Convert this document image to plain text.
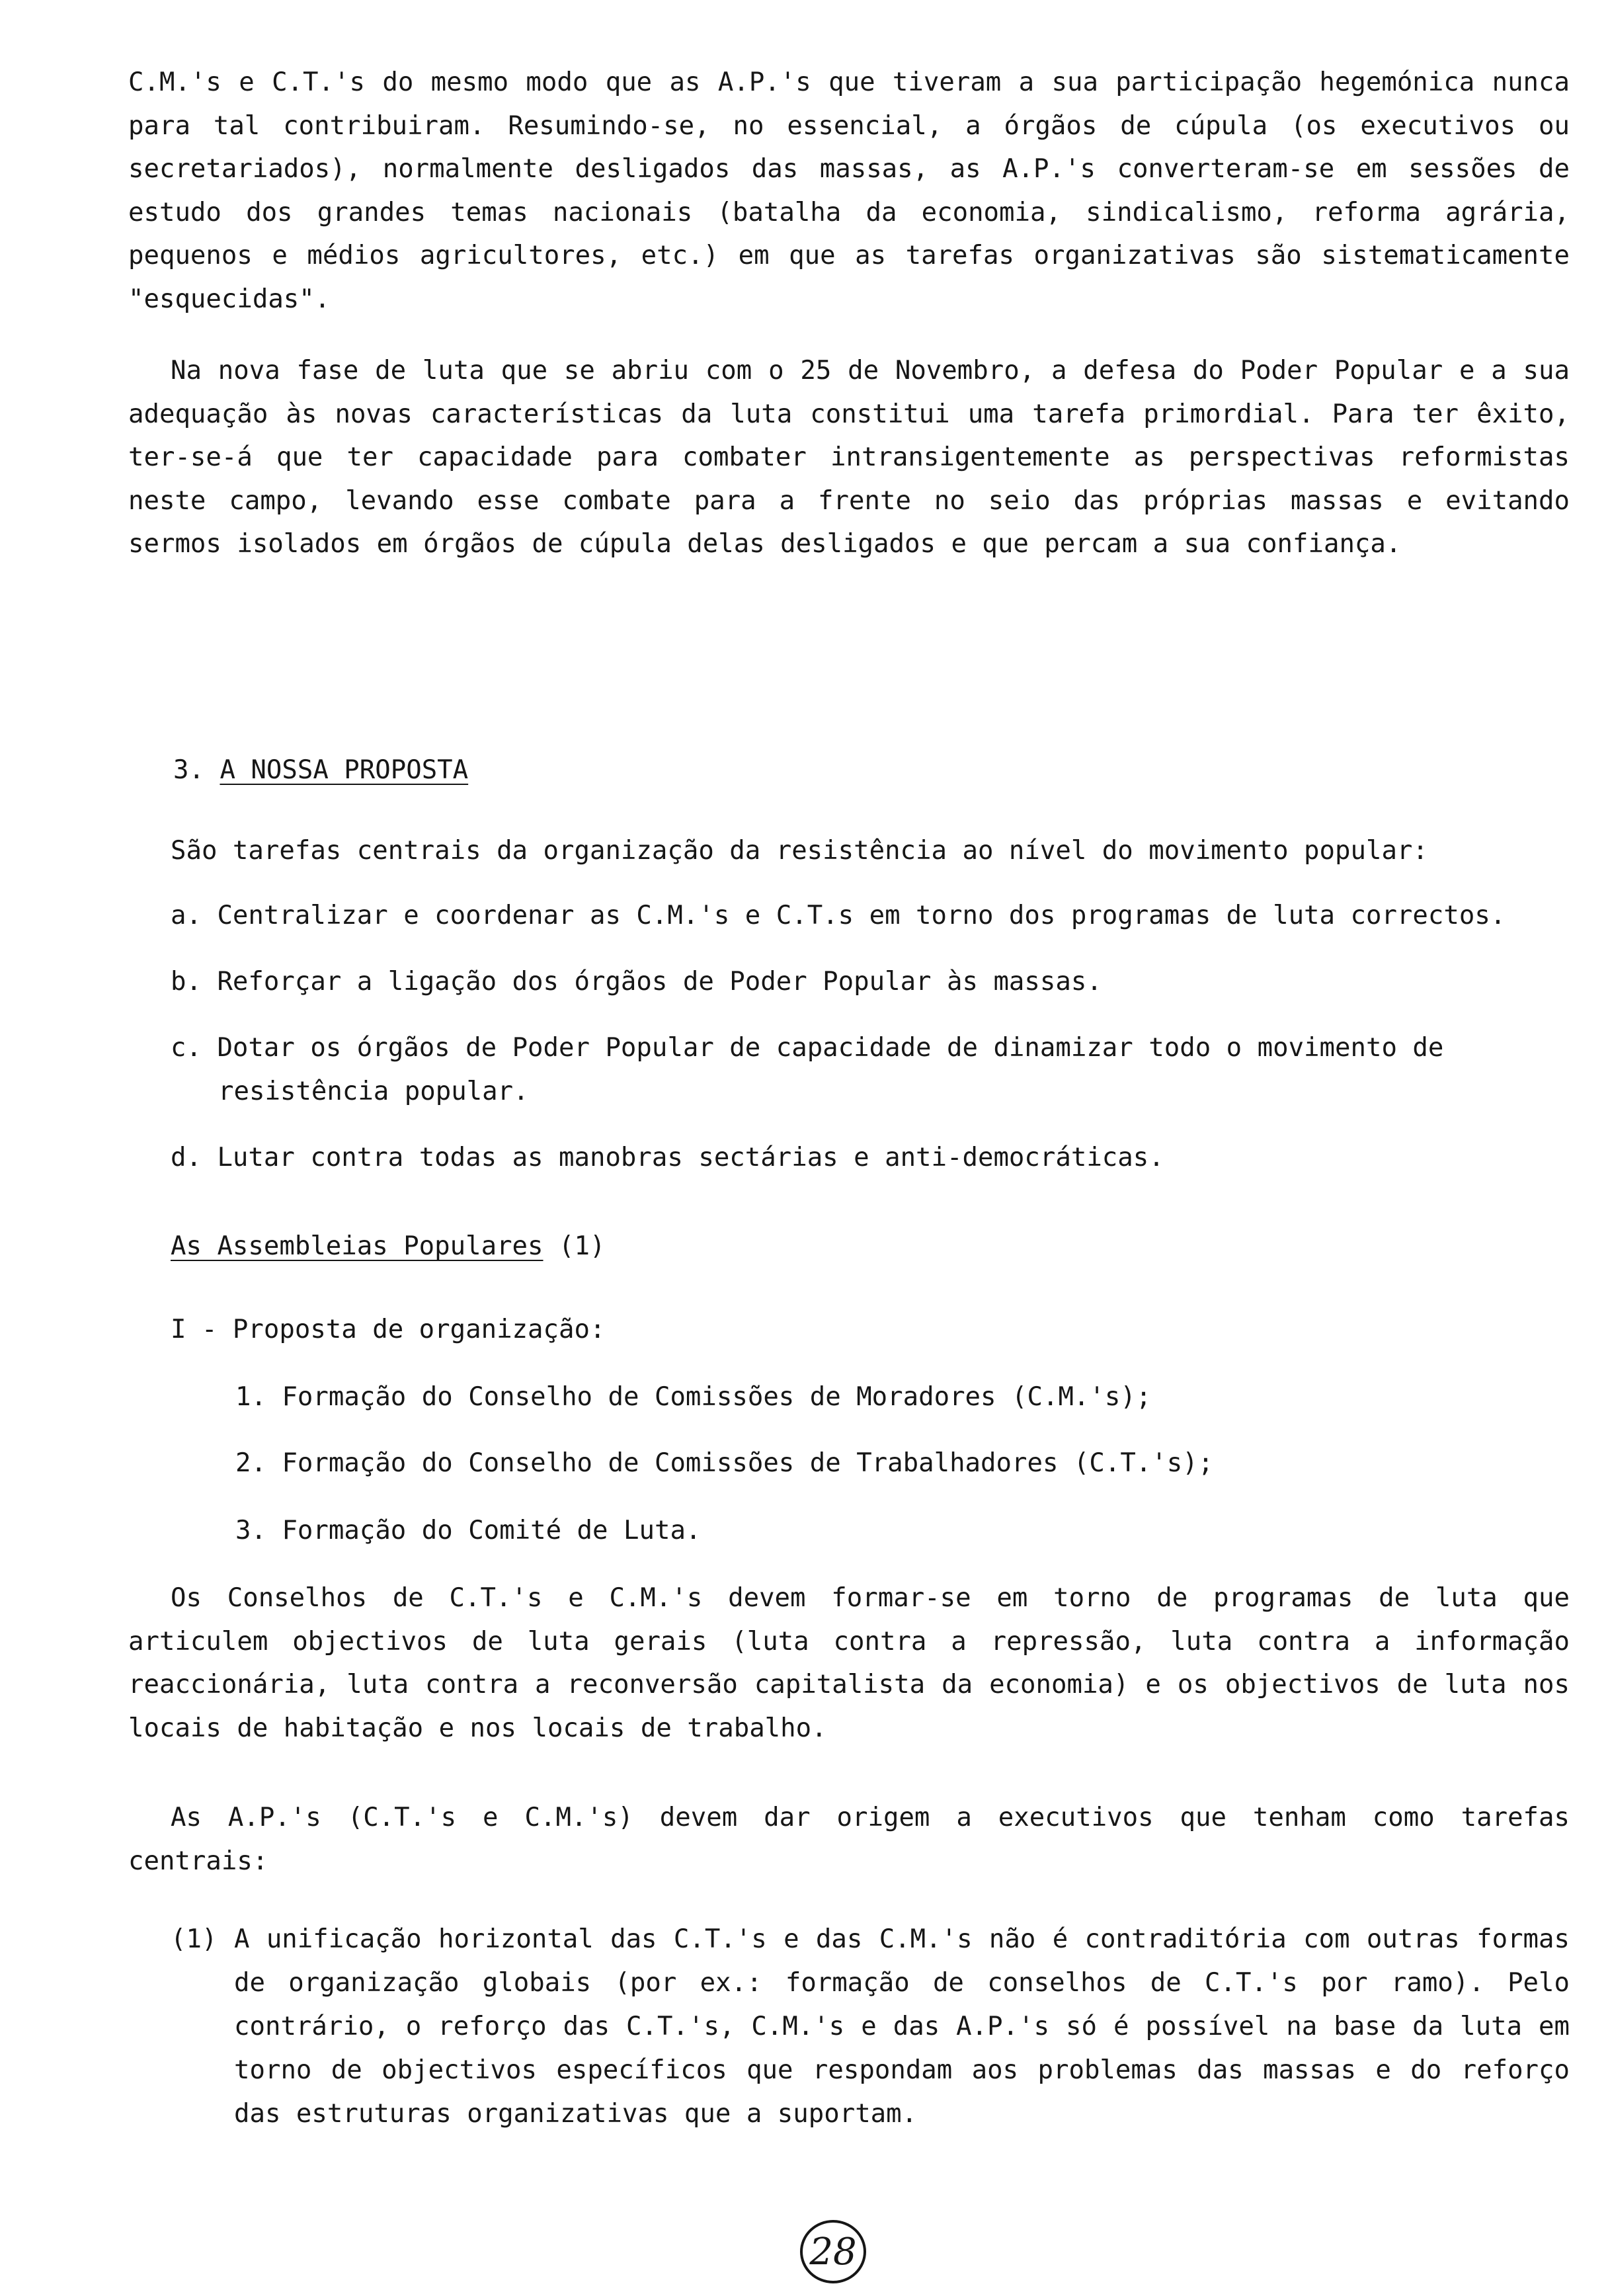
C.M.'s e C.T.'s do mesmo modo que as A.P.'s que tiveram a sua participação hegemónica nunca para tal contribuiram. Resumindo-se, no essencial, a órgãos de cúpula (os executivos ou secretariados), normalmente desligados das massas, as A.P.'s converteram-se em sessões de estudo dos grandes temas nacionais (batalha da economia, sindicalismo, reforma agrária, pequenos e médios agricultores, etc.) em que as tarefas organizativas são sistematicamente "esquecidas".

Na nova fase de luta que se abriu com o 25 de Novembro, a defesa do Poder Popular e a sua adequação às novas características da luta constitui uma tarefa primordial. Para ter êxito, ter-se-á que ter capacidade para combater intransigentemente as perspectivas reformistas neste campo, levando esse combate para a frente no seio das próprias massas e evitando sermos isolados em órgãos de cúpula delas desligados e que percam a sua confiança.

3. A NOSSA PROPOSTA

São tarefas centrais da organização da resistência ao nível do movimento popular:

a. Centralizar e coordenar as C.M.'s e C.T.s em torno dos programas de luta correctos.
b. Reforçar a ligação dos órgãos de Poder Popular às massas.
c. Dotar os órgãos de Poder Popular de capacidade de dinamizar todo o movimento de
resistência popular.
d. Lutar contra todas as manobras sectárias e anti-democráticas.
As Assembleias Populares (1)

I - Proposta de organização:

1. Formação do Conselho de Comissões de Moradores (C.M.'s);

2. Formação do Conselho de Comissões de Trabalhadores (C.T.'s);

3. Formação do Comité de Luta.

Os Conselhos de C.T.'s e C.M.'s devem formar-se em torno de programas de luta que articulem objectivos de luta gerais (luta contra a repressão, luta contra a informação reaccionária, luta contra a reconversão capitalista da economia) e os objectivos de luta nos locais de habitação e nos locais de trabalho.

As A.P.'s (C.T.'s e C.M.'s) devem dar origem a executivos que tenham como tarefas centrais:

(1) A unificação horizontal das C.T.'s e das C.M.'s não é contraditória com outras formas de organização globais (por ex.: formação de conselhos de C.T.'s por ramo). Pelo contrário, o reforço das C.T.'s, C.M.'s e das A.P.'s só é possível na base da luta em torno de objectivos específicos que respondam aos problemas das massas e do reforço das estruturas organizativas que a suportam.

28
